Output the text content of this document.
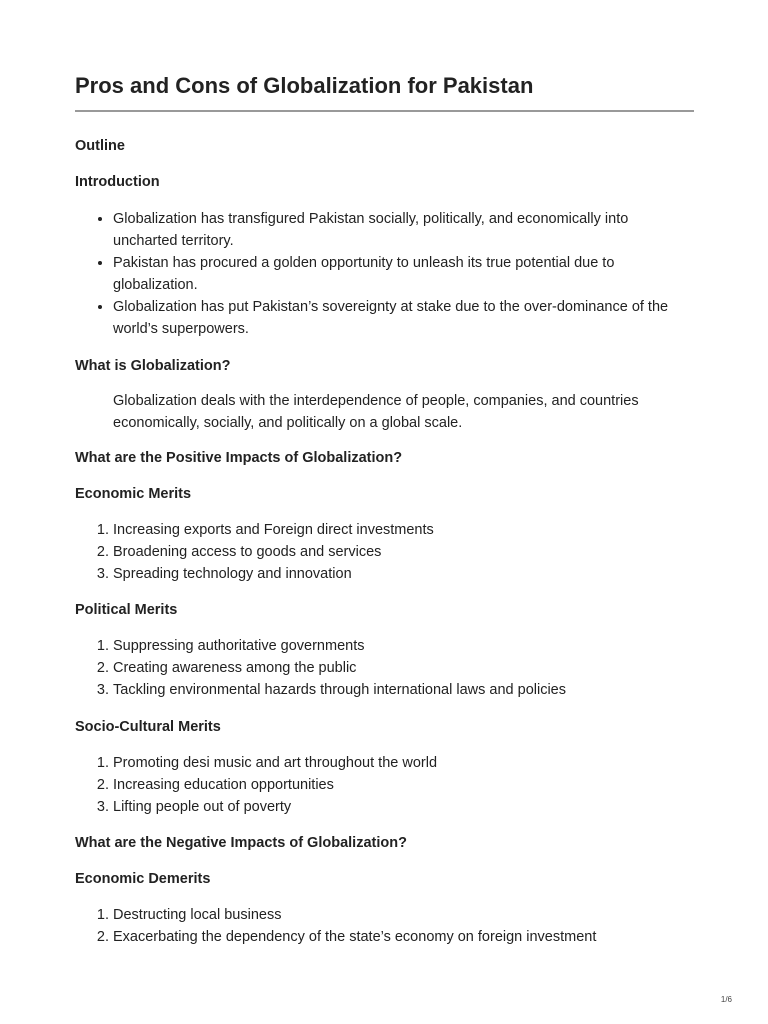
Pros and Cons of Globalization for Pakistan
Outline
Introduction
• Globalization has transfigured Pakistan socially, politically, and economically into uncharted territory.
• Pakistan has procured a golden opportunity to unleash its true potential due to globalization.
• Globalization has put Pakistan’s sovereignty at stake due to the over-dominance of the world’s superpowers.
What is Globalization?
Globalization deals with the interdependence of people, companies, and countries economically, socially, and politically on a global scale.
What are the Positive Impacts of Globalization?
Economic Merits
1. Increasing exports and Foreign direct investments
2. Broadening access to goods and services
3. Spreading technology and innovation
Political Merits
1. Suppressing authoritative governments
2. Creating awareness among the public
3. Tackling environmental hazards through international laws and policies
Socio-Cultural Merits
1. Promoting desi music and art throughout the world
2. Increasing education opportunities
3. Lifting people out of poverty
What are the Negative Impacts of Globalization?
Economic Demerits
1. Destructing local business
2. Exacerbating the dependency of the state’s economy on foreign investment
1/6
